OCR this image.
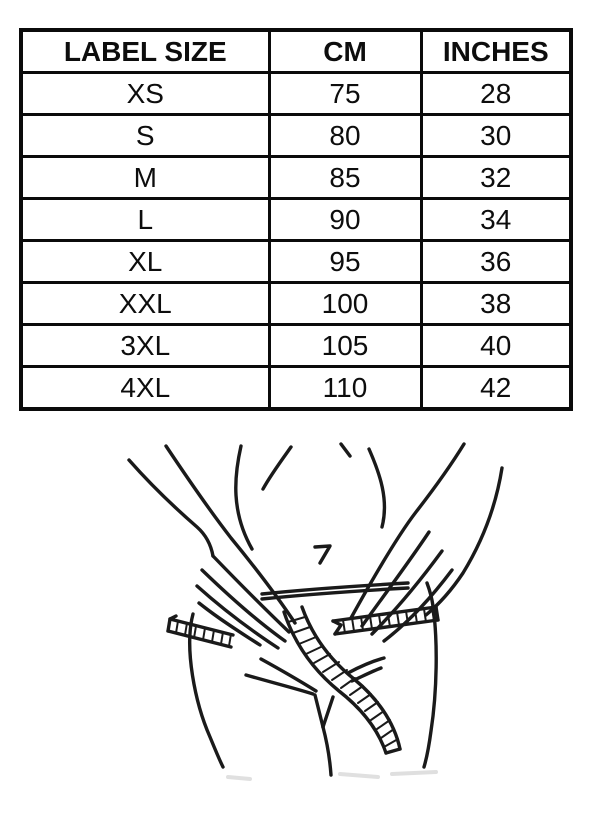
LABEL SIZE	CM	INCHES
XS	75	28
S	80	30
M	85	32
L	90	34
XL	95	36
XXL	100	38
3XL	105	40
4XL	110	42
